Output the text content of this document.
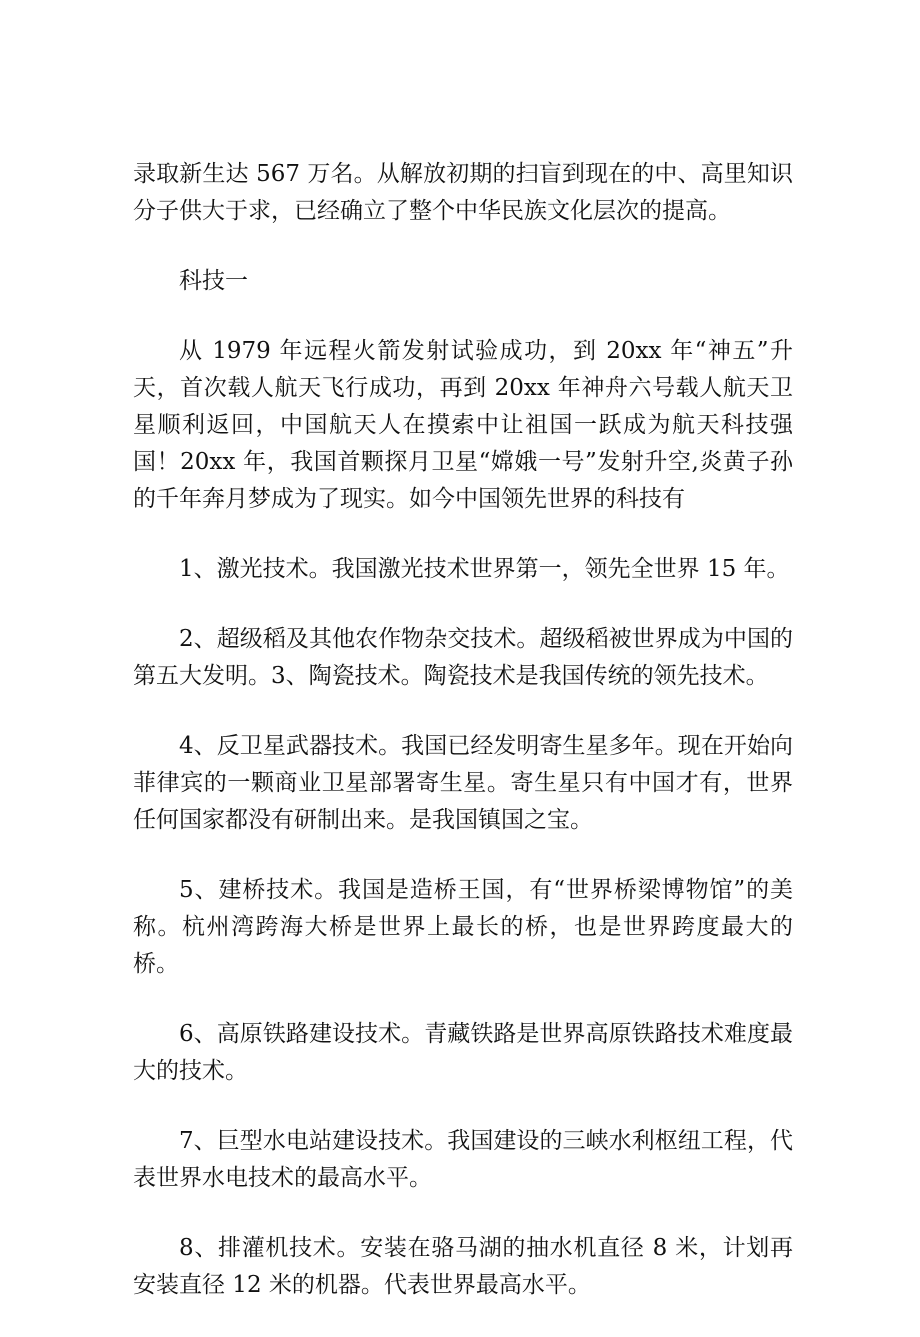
录取新生达 567 万名。从解放初期的扫盲到现在的中、高里知识分子供大于求，已经确立了整个中华民族文化层次的提高。

科技一

从 1979 年远程火箭发射试验成功，到 20xx 年“神五”升天，首次载人航天飞行成功，再到 20xx 年神舟六号载人航天卫星顺利返回，中国航天人在摸索中让祖国一跃成为航天科技强国！20xx 年，我国首颗探月卫星“嫦娥一号”发射升空,炎黄子孙的千年奔月梦成为了现实。如今中国领先世界的科技有

1、激光技术。我国激光技术世界第一，领先全世界 15 年。

2、超级稻及其他农作物杂交技术。超级稻被世界成为中国的第五大发明。3、陶瓷技术。陶瓷技术是我国传统的领先技术。

4、反卫星武器技术。我国已经发明寄生星多年。现在开始向菲律宾的一颗商业卫星部署寄生星。寄生星只有中国才有，世界任何国家都没有研制出来。是我国镇国之宝。

5、建桥技术。我国是造桥王国，有“世界桥梁博物馆”的美称。杭州湾跨海大桥是世界上最长的桥，也是世界跨度最大的桥。

6、高原铁路建设技术。青藏铁路是世界高原铁路技术难度最大的技术。

7、巨型水电站建设技术。我国建设的三峡水利枢纽工程，代表世界水电技术的最高水平。

8、排灌机技术。安装在骆马湖的抽水机直径 8 米，计划再安装直径 12 米的机器。代表世界最高水平。
